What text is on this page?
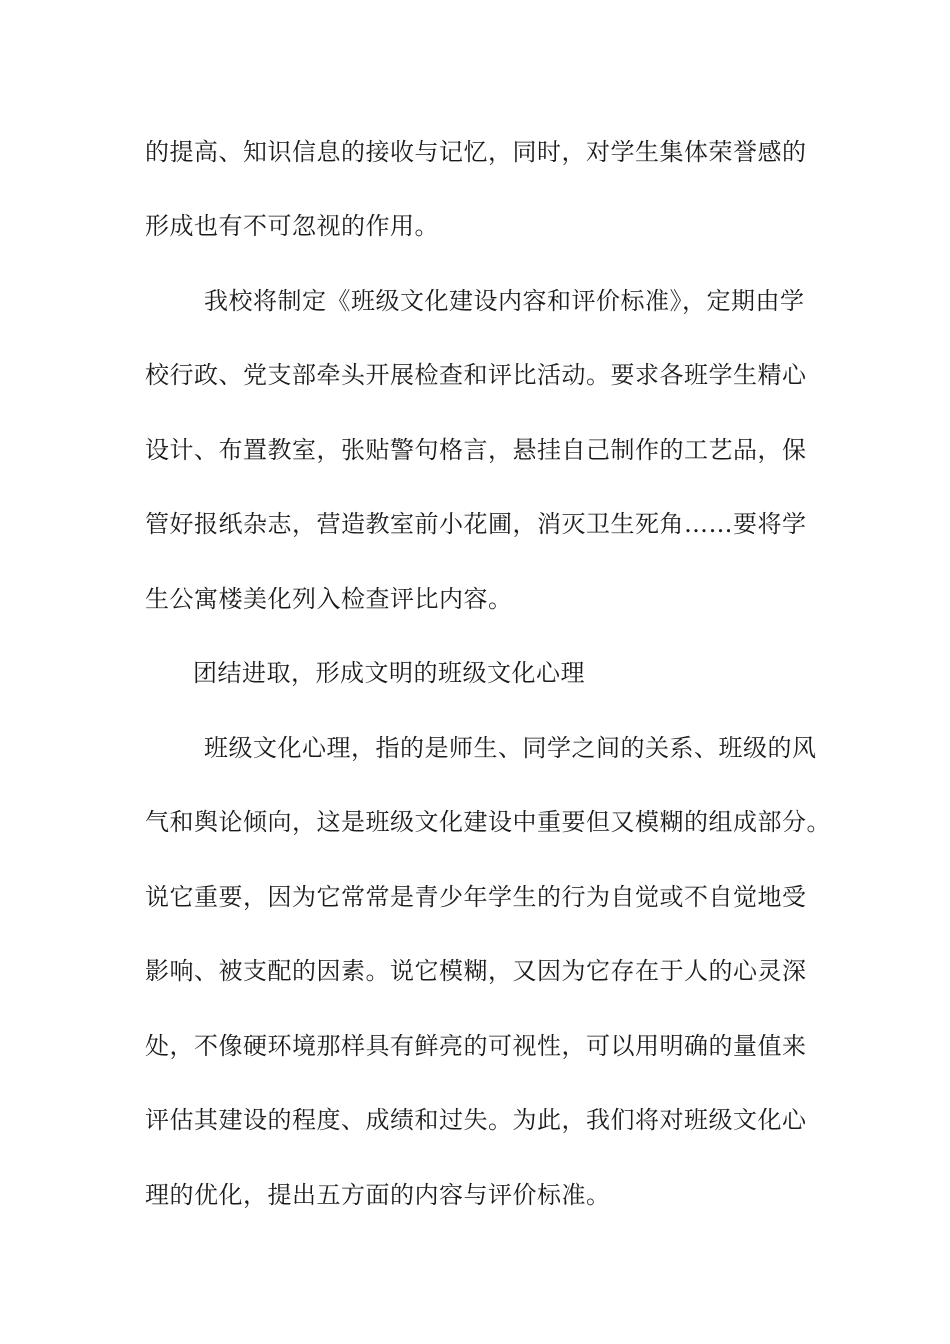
的提高、知识信息的接收与记忆，同时，对学生集体荣誉感的
形成也有不可忽视的作用。
我校将制定《班级文化建设内容和评价标准》，定期由学
校行政、党支部牵头开展检查和评比活动。要求各班学生精心
设计、布置教室，张贴警句格言，悬挂自己制作的工艺品，保
管好报纸杂志，营造教室前小花圃，消灭卫生死角……要将学
生公寓楼美化列入检查评比内容。
团结进取，形成文明的班级文化心理
班级文化心理，指的是师生、同学之间的关系、班级的风
气和舆论倾向，这是班级文化建设中重要但又模糊的组成部分。
说它重要，因为它常常是青少年学生的行为自觉或不自觉地受
影响、被支配的因素。说它模糊，又因为它存在于人的心灵深
处，不像硬环境那样具有鲜亮的可视性，可以用明确的量值来
评估其建设的程度、成绩和过失。为此，我们将对班级文化心
理的优化，提出五方面的内容与评价标准。
